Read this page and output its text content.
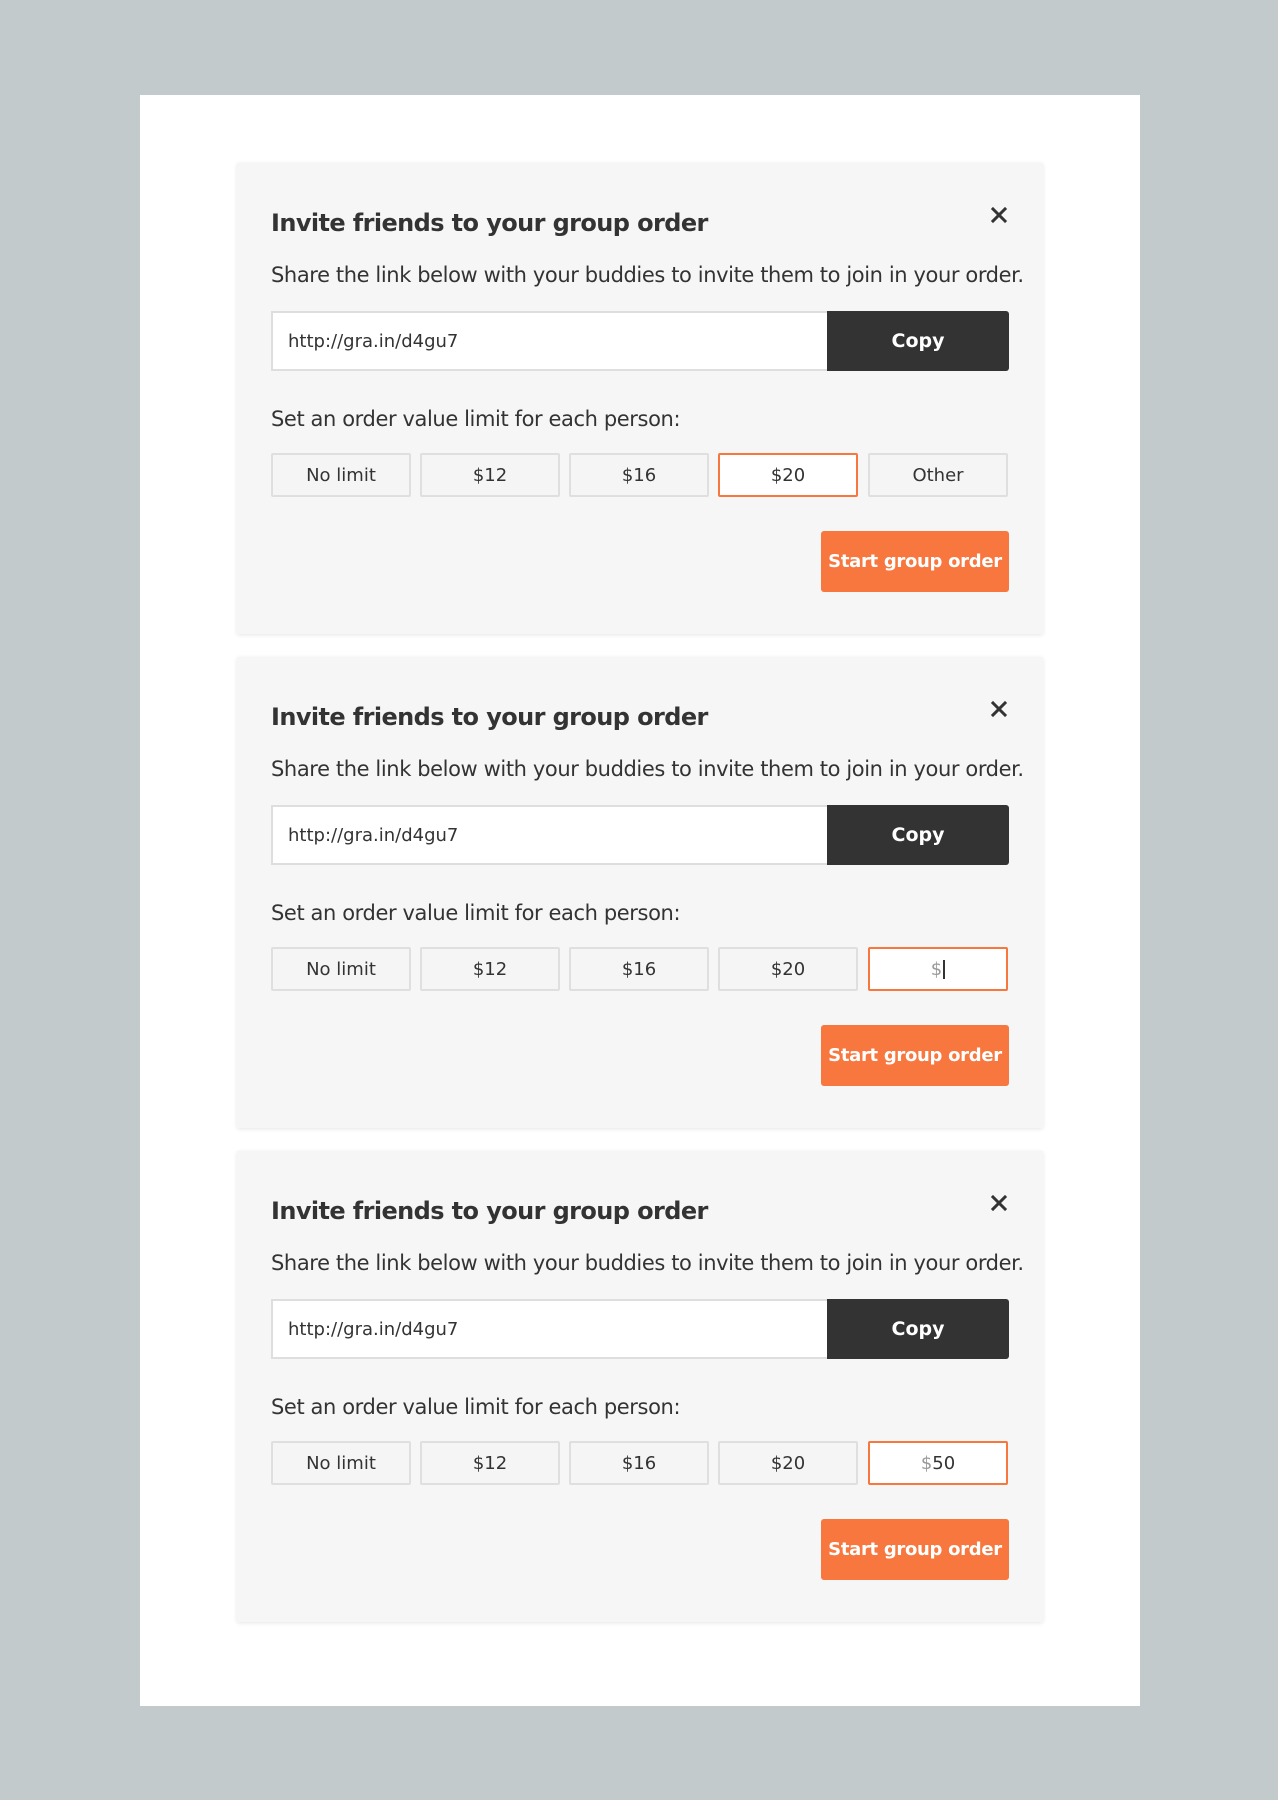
Invite friends to your group order
Share the link below with your buddies to invite them to join in your order.
http://gra.in/d4gu7
Copy
Set an order value limit for each person:
No limit	$12	$16	$20	Other
Start group order
Invite friends to your group order
Share the link below with your buddies to invite them to join in your order.
http://gra.in/d4gu7
Copy
Set an order value limit for each person:
No limit	$12	$16	$20	$
Start group order
Invite friends to your group order
Share the link below with your buddies to invite them to join in your order.
http://gra.in/d4gu7
Copy
Set an order value limit for each person:
No limit	$12	$16	$20	$ 50
Start group order
